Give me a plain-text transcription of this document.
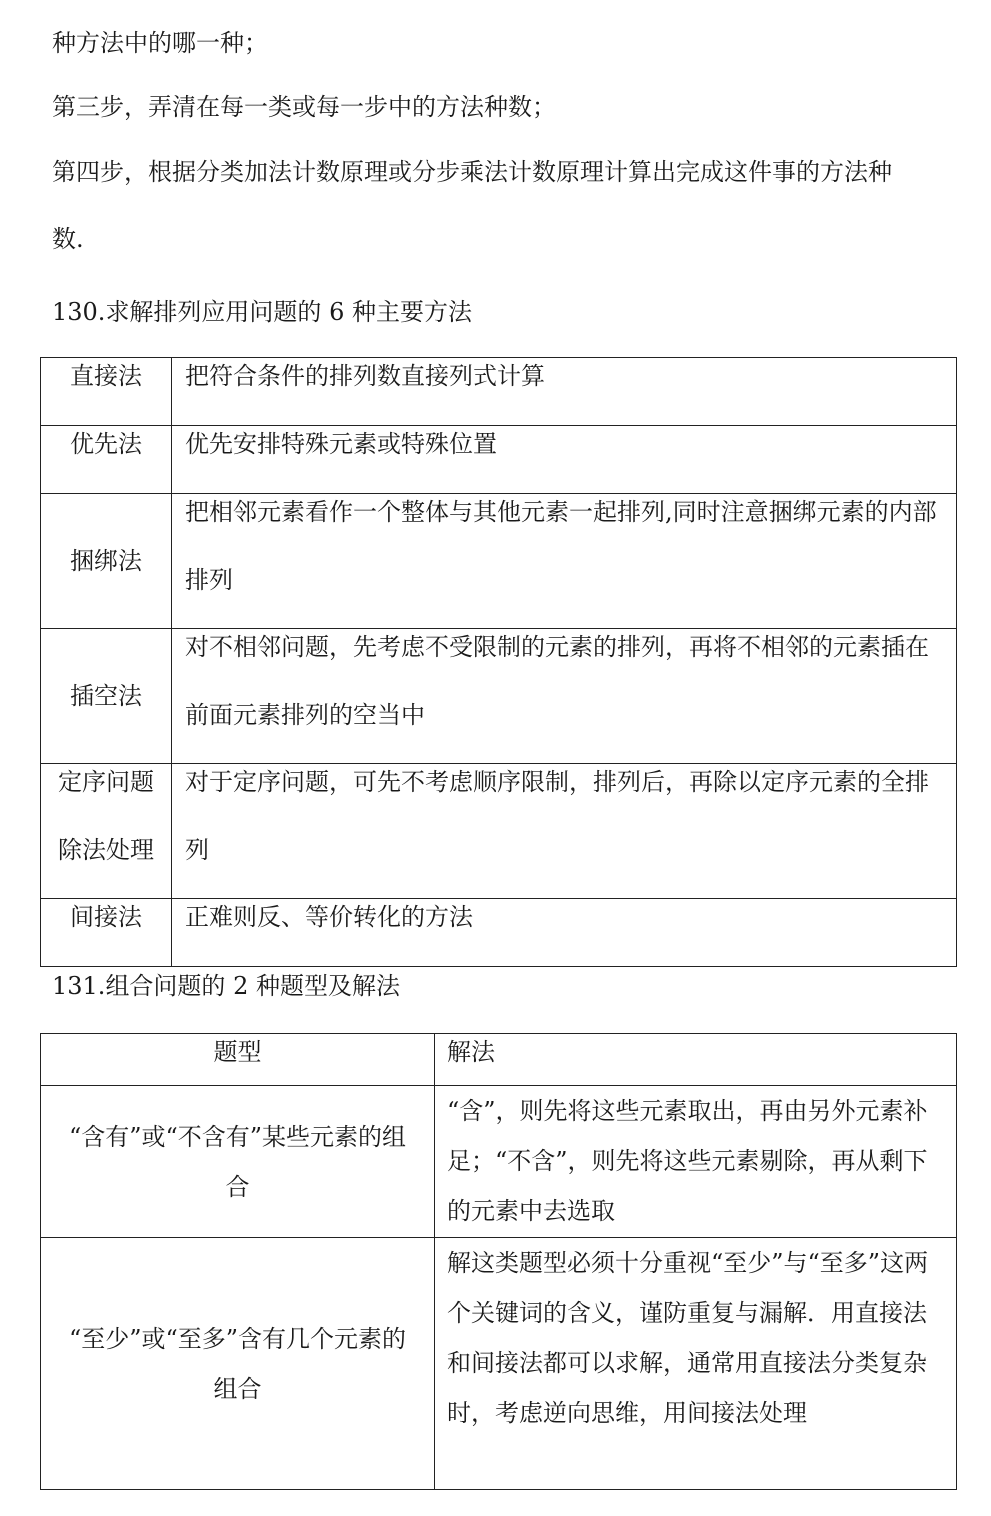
种方法中的哪一种；

第三步，弄清在每一类或每一步中的方法种数；

第四步，根据分类加法计数原理或分步乘法计数原理计算出完成这件事的方法种

数.

130.求解排列应用问题的 6 种主要方法
直接法	把符合条件的排列数直接列式计算

优先法	优先安排特殊元素或特殊位置

捆绑法	把相邻元素看作一个整体与其他元素一起排列,同时注意捆绑元素的内部排列

插空法	对不相邻问题，先考虑不受限制的元素的排列，再将不相邻的元素插在前面元素排列的空当中

定序问题除法处理	对于定序问题，可先不考虑顺序限制，排列后，再除以定序元素的全排列

间接法	正难则反、等价转化的方法
131.组合问题的 2 种题型及解法
题型	解法

“含有”或“不含有”某些元素的组合	“含”，则先将这些元素取出，再由另外元素补足；“不含”，则先将这些元素剔除，再从剩下的元素中去选取

“至少”或“至多”含有几个元素的组合	解这类题型必须十分重视“至少”与“至多”这两个关键词的含义，谨防重复与漏解．用直接法和间接法都可以求解，通常用直接法分类复杂时，考虑逆向思维，用间接法处理
